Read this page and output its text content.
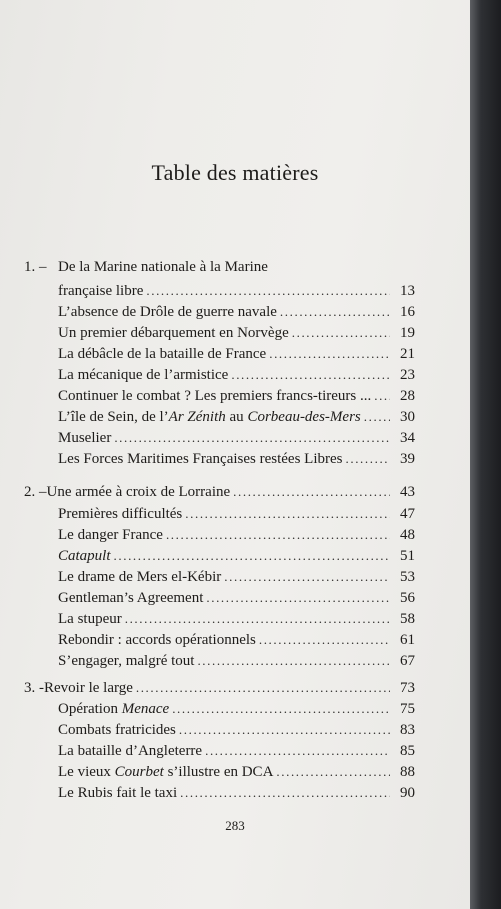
Table des matières
1. – De la Marine nationale à la Marine
française libre .....	13
L’absence de Drôle de guerre navale .....	16
Un premier débarquement en Norvège .....	19
La débâcle de la bataille de France .....	21
La mécanique de l’armistice .....	23
Continuer le combat ? Les premiers francs-tireurs ... .....	28
L’île de Sein, de l’Ar Zénith au Corbeau-des-Mers .....	30
Muselier .....	34
Les Forces Maritimes Françaises restées Libres .....	39
2. – Une armée à croix de Lorraine .....	43
Premières difficultés .....	47
Le danger France .....	48
Catapult .....	51
Le drame de Mers el-Kébir .....	53
Gentleman’s Agreement .....	56
La stupeur .....	58
Rebondir : accords opérationnels .....	61
S’engager, malgré tout .....	67
3. - Revoir le large .....	73
Opération Menace .....	75
Combats fratricides .....	83
La bataille d’Angleterre .....	85
Le vieux Courbet s’illustre en DCA .....	88
Le Rubis fait le taxi .....	90
283
